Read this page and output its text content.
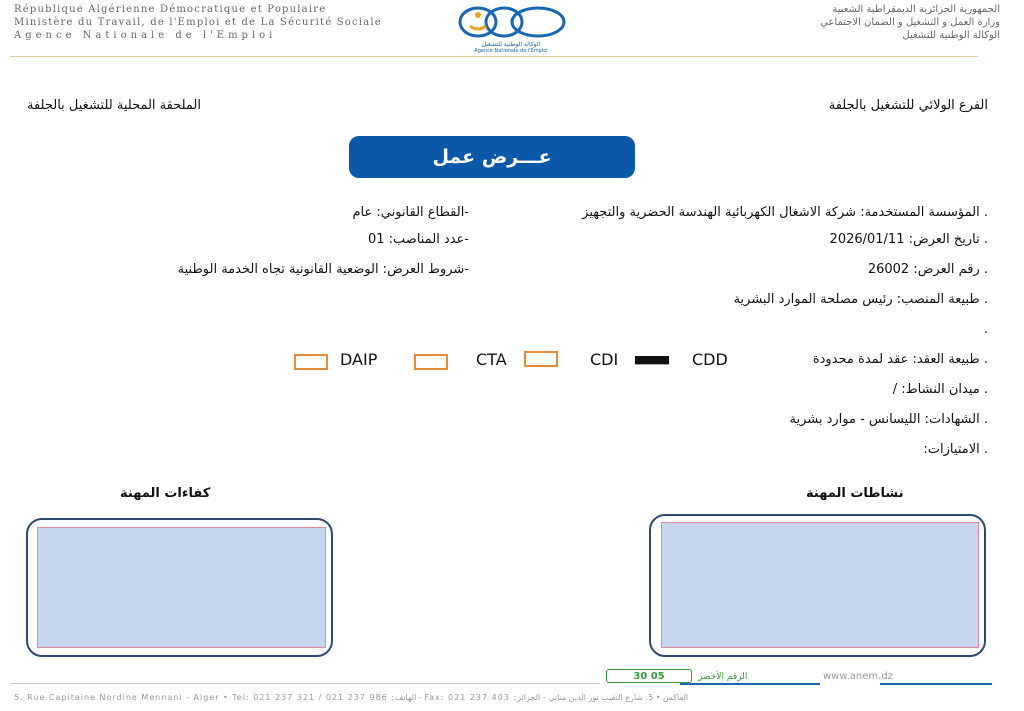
République Algérienne Démocratique et Populaire
Ministère du Travail, de l'Emploi et de La Sécurité Sociale
Agence Nationale de l'Emploi
الجمهورية الجزائرية الديمقراطية الشعبية
وزارة العمل و التشغيل و الضمان الاجتماعي
الوكالة الوطنية للتشغيل
الوكالة الوطنية للتشغيل
Agence Nationale de l'Emploi
الفرع الولائي للتشغيل بالجلفة
الملحقة المحلية للتشغيل بالجلفة
عـــرض عمل
. المؤسسة المستخدمة: شركة الاشغال الكهربائية الهندسة الحضرية والتجهيز
. تاريخ العرض: 2026/01/11
. رقم العرض: 26002
. طبيعة المنصب: رئيس مصلحة الموارد البشرية
.
. طبيعة العقد: عقد لمدة محدودة
. ميدان النشاط: /
. الشهادات: الليسانس - موارد بشرية
. الامتيازات:
-القطاع القانوني: عام
-عدد المناصب: 01
-شروط العرض: الوضعية القانونية تجاه الخدمة الوطنية
CDD
CDI
CTA
DAIP
نشاطات المهنة
كفاءات المهنة
www.anem.dz
الرقم الأخضر
30 05
5. Rue Capitaine Nordine Mennani - Alger • Tel: 021 237 321 / 021 237 986 :الهاتف - Fax: 021 237 403 :الفاكس • 5. شارع النقيب نور الدين مناني - الجزائر
